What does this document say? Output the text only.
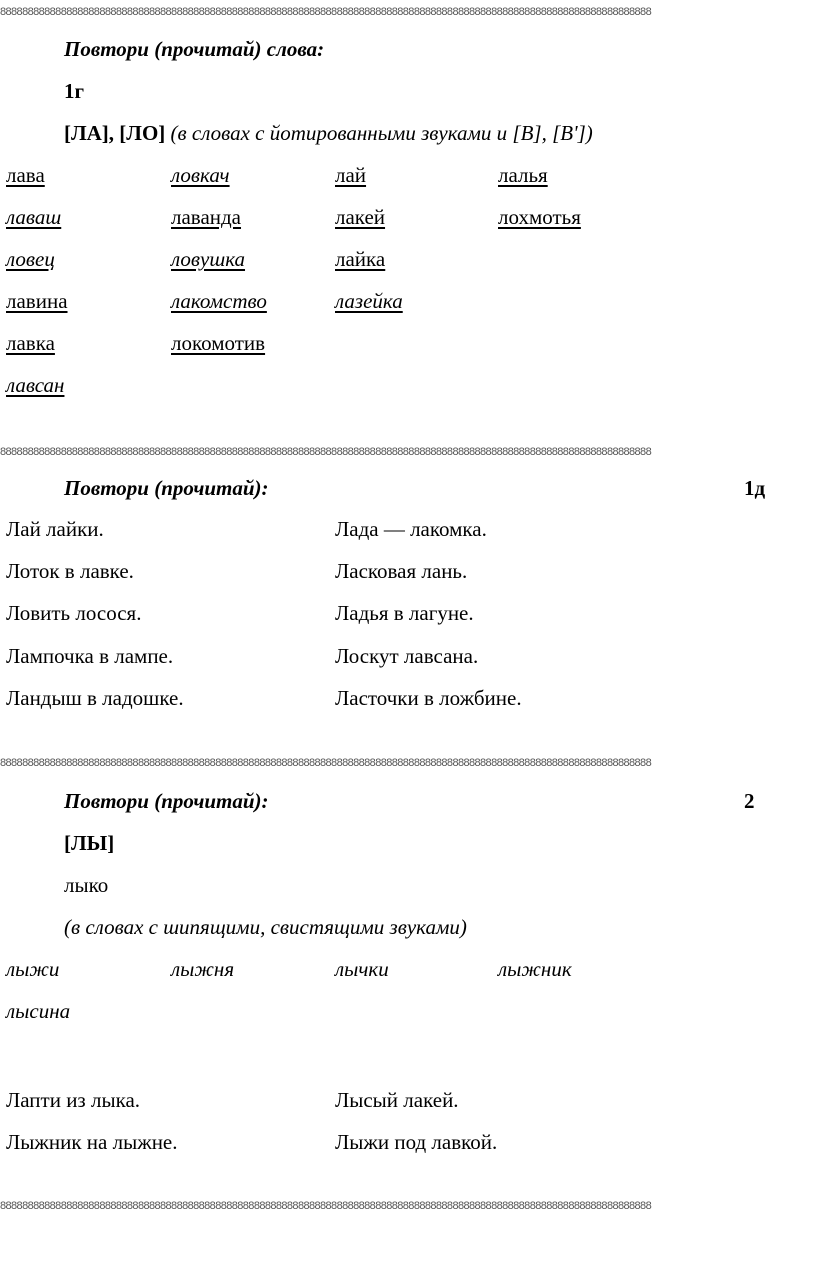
8888888888888888888888888888888888888888888888888888888888888888888888888888888888888888888888888888888888888888888888
8888888888888888888888888888888888888888888888888888888888888888888888888888888888888888888888888888888888888888888888
8888888888888888888888888888888888888888888888888888888888888888888888888888888888888888888888888888888888888888888888
8888888888888888888888888888888888888888888888888888888888888888888888888888888888888888888888888888888888888888888888
Повтори (прочитай) слова:
1г
[ЛА], [ЛО] (в словах с йотированными звуками и [В], [В'])
лава	ловкач	лай	лалья
лаваш	лаванда	лакей	лохмотья
ловец	ловушка	лайка
лавина	лакомство	лазейка
лавка	локомотив
лавсан
Повтори (прочитай):	1д
Лай лайки.	Лада — лакомка.
Лоток в лавке.	Ласковая лань.
Ловить лосося.	Ладья в лагуне.
Лампочка в лампе.	Лоскут лавсана.
Ландыш в ладошке.	Ласточки в ложбине.
Повтори (прочитай):	2
[ЛЫ]
лыко
(в словах с шипящими, свистящими звуками)
лыжи	лыжня	лычки	лыжник
лысина
Лапти из лыка.	Лысый лакей.
Лыжник на лыжне.	Лыжи под лавкой.
